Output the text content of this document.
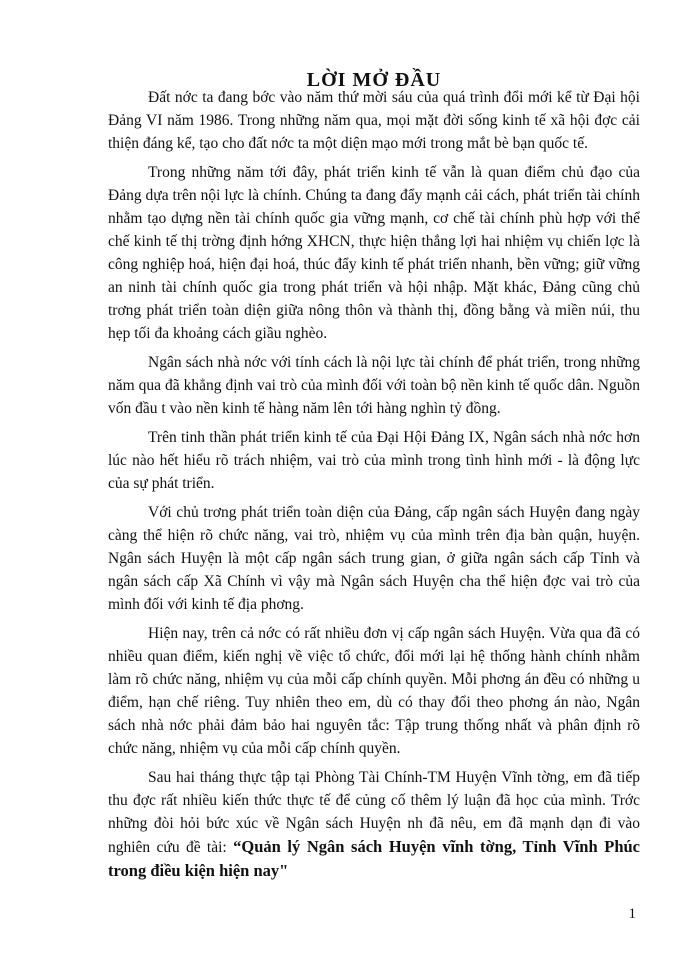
LỜI MỞ ĐẦU

Đất nớc ta đang bớc vào năm thứ mời sáu của quá trình đổi mới kể từ Đại hội Đảng VI năm 1986. Trong những năm qua, mọi mặt đời sống kinh tế xã hội đợc cải thiện đáng kể, tạo cho đất nớc ta một diện mạo mới trong mắt bè bạn quốc tế.

Trong những năm tới đây, phát triển kinh tế vẫn là quan điểm chủ đạo của Đảng dựa trên nội lực là chính. Chúng ta đang đẩy mạnh cải cách, phát triển tài chính nhằm tạo dựng nền tài chính quốc gia vững mạnh, cơ chế tài chính phù hợp với thể chế kinh tế thị trờng định hớng XHCN, thực hiện thắng lợi hai nhiệm vụ chiến lợc là công nghiệp hoá, hiện đại hoá, thúc đẩy kinh tế phát triển nhanh, bền vững; giữ vững an ninh tài chính quốc gia trong phát triển và hội nhập. Mặt khác, Đảng cũng chủ trơng phát triển toàn diện giữa nông thôn và thành thị, đồng bằng và miền núi, thu hẹp tối đa khoảng cách giầu nghèo.

Ngân sách nhà nớc với tính cách là nội lực tài chính để phát triển, trong những năm qua đã khẳng định vai trò của mình đối với toàn bộ nền kinh tế quốc dân. Nguồn vốn đầu t vào nền kinh tế hàng năm lên tới hàng nghìn tỷ đồng.

Trên tinh thần phát triển kinh tế của Đại Hội Đảng IX, Ngân sách nhà nớc hơn lúc nào hết hiểu rõ trách nhiệm, vai trò của mình trong tình hình mới - là động lực của sự phát triển.

Với chủ trơng phát triển toàn diện của Đảng, cấp ngân sách Huyện đang ngày càng thể hiện rõ chức năng, vai trò, nhiệm vụ của mình trên địa bàn quận, huyện. Ngân sách Huyện là một cấp ngân sách trung gian, ở giữa ngân sách cấp Tỉnh và ngân sách cấp Xã Chính vì vậy mà Ngân sách Huyện cha thể hiện đợc vai trò của mình đối với kinh tế địa phơng.

Hiện nay, trên cả nớc có rất nhiều đơn vị cấp ngân sách Huyện. Vừa qua đã có nhiều quan điểm, kiến nghị về việc tổ chức, đổi mới lại hệ thống hành chính nhằm làm rõ chức năng, nhiệm vụ của mỗi cấp chính quyền. Mỗi phơng án đều có những u điểm, hạn chế riêng. Tuy nhiên theo em, dù có thay đổi theo phơng án nào, Ngân sách nhà nớc phải đảm bảo hai nguyên tắc: Tập trung thống nhất và phân định rõ chức năng, nhiệm vụ của mỗi cấp chính quyền.

Sau hai tháng thực tập tại Phòng Tài Chính-TM Huyện Vĩnh tờng, em đã tiếp thu đợc rất nhiều kiến thức thực tế để củng cố thêm lý luận đã học của mình. Trớc những đòi hỏi bức xúc về Ngân sách Huyện nh đã nêu, em đã mạnh dạn đi vào nghiên cứu đề tài: “Quản lý Ngân sách Huyện vĩnh tờng, Tỉnh Vĩnh Phúc trong điều kiện hiện nay"

1
